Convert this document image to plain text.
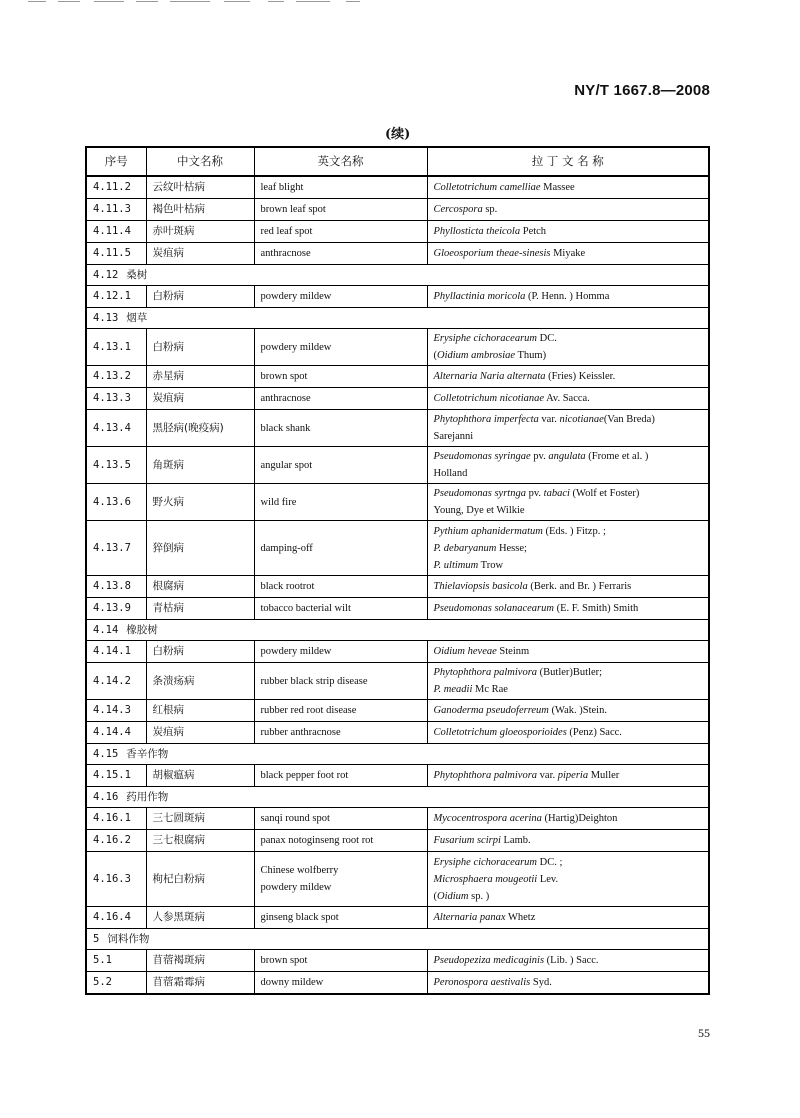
NY/T 1667.8—2008
(续)
序号	中文名称	英文名称	拉 丁 文 名 称
4.11.2	云纹叶枯病	leaf blight	Colletotrichum camelliae Massee

4.11.3	褐色叶枯病	brown leaf spot	Cercospora sp.

4.11.4	赤叶斑病	red leaf spot	Phyllosticta theicola Petch

4.11.5	炭疽病	anthracnose	Gloeosporium theae-sinesis Miyake

4.12 桑树			
4.12.1	白粉病	powdery mildew	Phyllactinia moricola (P. Henn. ) Homma

4.13 烟草			
4.13.1	白粉病	powdery mildew	Erysiphe cichoracearum DC.
(Oidium ambrosiae Thum)

4.13.2	赤星病	brown spot	Alternaria Naria alternata (Fries) Keissler.

4.13.3	炭疽病	anthracnose	Colletotrichum nicotianae Av. Sacca.

4.13.4	黑胫病(晚疫病)	black shank	Phytophthora imperfecta var. nicotianae(Van Breda)
Sarejanni

4.13.5	角斑病	angular spot	Pseudomonas syringae pv. angulata (Frome et al. )
Holland

4.13.6	野火病	wild fire	Pseudomonas syrtnga pv. tabaci (Wolf et Foster)
Young, Dye et Wilkie

4.13.7	猝倒病	damping-off	Pythium aphanidermatum (Eds. ) Fitzp. ;
P. debaryanum Hesse;
P. ultimum Trow

4.13.8	根腐病	black rootrot	Thielaviopsis basicola (Berk. and Br. ) Ferraris

4.13.9	青枯病	tobacco bacterial wilt	Pseudomonas solanacearum (E. F. Smith) Smith

4.14 橡胶树			
4.14.1	白粉病	powdery mildew	Oidium heveae Steinm

4.14.2	条溃疡病	rubber black strip disease	Phytophthora palmivora (Butler)Butler;
P. meadii Mc Rae

4.14.3	红根病	rubber red root disease	Ganoderma pseudoferreum (Wak. )Stein.

4.14.4	炭疽病	rubber anthracnose	Colletotrichum gloeosporioides (Penz) Sacc.

4.15 香辛作物			
4.15.1	胡椒瘟病	black pepper foot rot	Phytophthora palmivora var. piperia Muller

4.16 药用作物			
4.16.1	三七圆斑病	sanqi round spot	Mycocentrospora acerina (Hartig)Deighton

4.16.2	三七根腐病	panax notoginseng root rot	Fusarium scirpi Lamb.

4.16.3	枸杞白粉病	Chinese wolfberry
powdery mildew	Erysiphe cichoracearum DC. ;
Microsphaera mougeotii Lev.
(Oidium sp. )

4.16.4	人参黑斑病	ginseng black spot	Alternaria panax Whetz

5 饲料作物			
5.1	苜蓿褐斑病	brown spot	Pseudopeziza medicaginis (Lib. ) Sacc.

5.2	苜蓿霜霉病	downy mildew	Peronospora aestivalis Syd.
55
